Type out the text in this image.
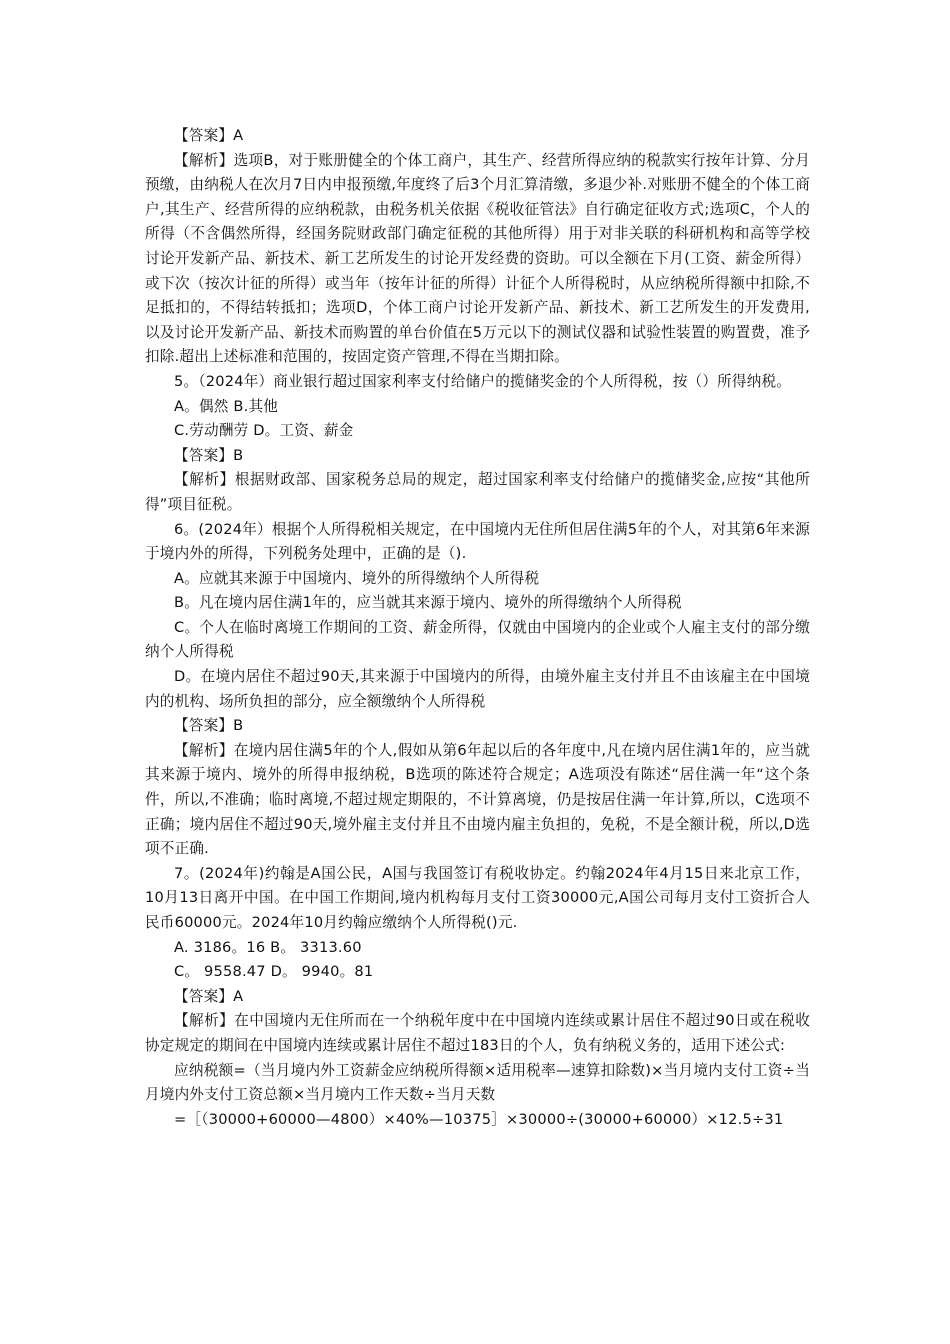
【答案】A

【解析】选项B，对于账册健全的个体工商户，其生产、经营所得应纳的税款实行按年计算、分月预缴，由纳税人在次月7日内申报预缴,年度终了后3个月汇算清缴，多退少补.对账册不健全的个体工商户,其生产、经营所得的应纳税款，由税务机关依据《税收征管法》自行确定征收方式;选项C，个人的所得（不含偶然所得，经国务院财政部门确定征税的其他所得）用于对非关联的科研机构和高等学校讨论开发新产品、新技术、新工艺所发生的讨论开发经费的资助。可以全额在下月(工资、薪金所得）或下次（按次计征的所得）或当年（按年计征的所得）计征个人所得税时，从应纳税所得额中扣除,不足抵扣的，不得结转抵扣；选项D，个体工商户讨论开发新产品、新技术、新工艺所发生的开发费用,以及讨论开发新产品、新技术而购置的单台价值在5万元以下的测试仪器和试验性装置的购置费，准予扣除.超出上述标准和范围的，按固定资产管理,不得在当期扣除。

5。（2024年）商业银行超过国家利率支付给储户的揽储奖金的个人所得税，按（）所得纳税。

A。偶然 B.其他

C.劳动酬劳 D。工资、薪金

【答案】B

【解析】根据财政部、国家税务总局的规定，超过国家利率支付给储户的揽储奖金,应按“其他所得”项目征税。

6。(2024年）根据个人所得税相关规定，在中国境内无住所但居住满5年的个人，对其第6年来源于境内外的所得，下列税务处理中，正确的是（).

A。应就其来源于中国境内、境外的所得缴纳个人所得税

B。凡在境内居住满1年的，应当就其来源于境内、境外的所得缴纳个人所得税

C。个人在临时离境工作期间的工资、薪金所得，仅就由中国境内的企业或个人雇主支付的部分缴纳个人所得税

D。在境内居住不超过90天,其来源于中国境内的所得，由境外雇主支付并且不由该雇主在中国境内的机构、场所负担的部分，应全额缴纳个人所得税

【答案】B

【解析】在境内居住满5年的个人,假如从第6年起以后的各年度中,凡在境内居住满1年的，应当就其来源于境内、境外的所得申报纳税，B选项的陈述符合规定；A选项没有陈述“居住满一年“这个条件，所以,不准确；临时离境,不超过规定期限的，不计算离境，仍是按居住满一年计算,所以，C选项不正确；境内居住不超过90天,境外雇主支付并且不由境内雇主负担的，免税，不是全额计税，所以,D选项不正确.

7。(2024年)约翰是A国公民，A国与我国签订有税收协定。约翰2024年4月15日来北京工作，10月13日离开中国。在中国工作期间,境内机构每月支付工资30000元,A国公司每月支付工资折合人民币60000元。2024年10月约翰应缴纳个人所得税()元.

A. 3186。16 B。 3313.60

C。 9558.47 D。 9940。81

【答案】A

【解析】在中国境内无住所而在一个纳税年度中在中国境内连续或累计居住不超过90日或在税收协定规定的期间在中国境内连续或累计居住不超过183日的个人，负有纳税义务的，适用下述公式:

应纳税额=（当月境内外工资薪金应纳税所得额×适用税率—速算扣除数)×当月境内支付工资÷当月境内外支付工资总额×当月境内工作天数÷当月天数

=［（30000+60000—4800）×40%—10375］×30000÷(30000+60000）×12.5÷31
